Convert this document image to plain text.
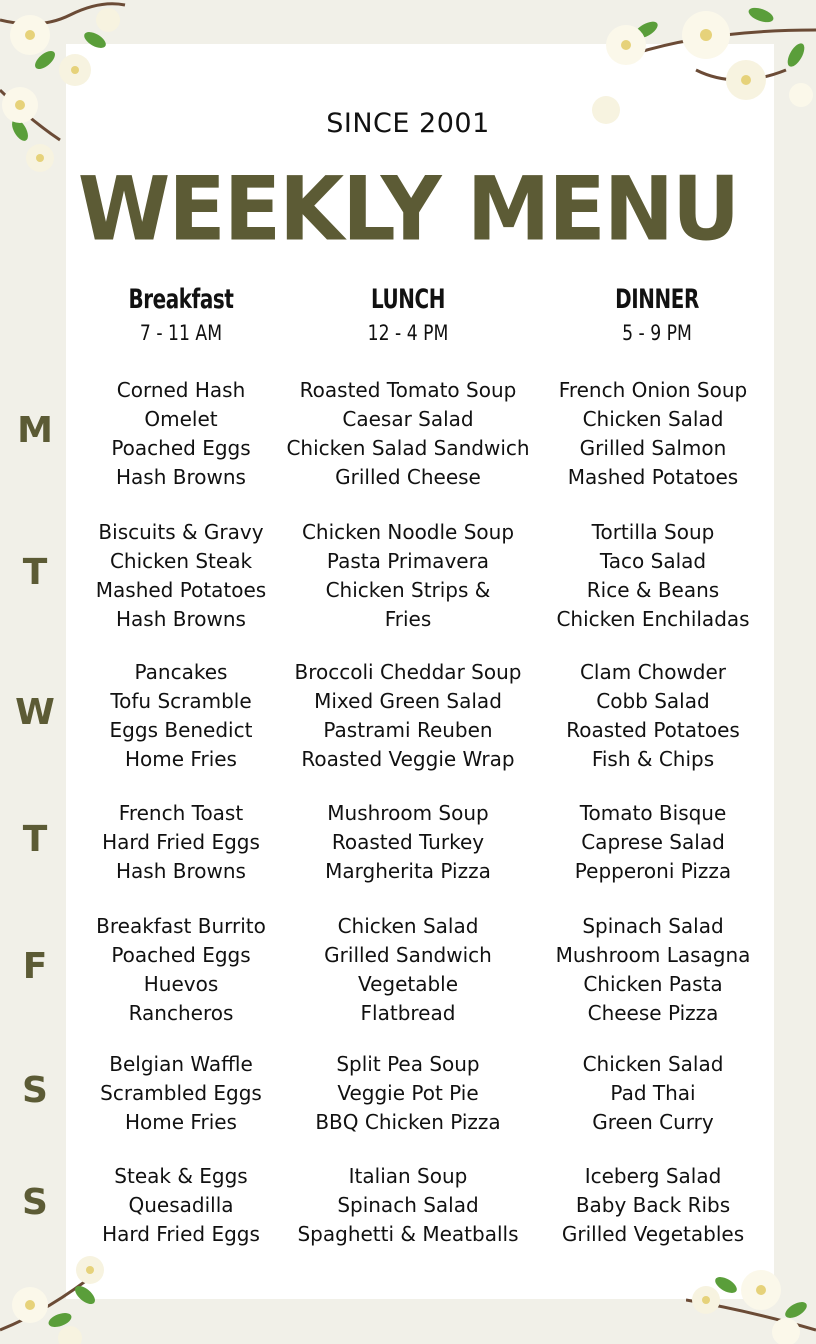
SINCE 2001
WEEKLY MENU
Breakfast
7 - 11 AM
LUNCH
12 - 4 PM
DINNER
5 - 9 PM
M
Corned Hash
Omelet
Poached Eggs
Hash Browns
Roasted Tomato Soup
Caesar Salad
Chicken Salad Sandwich
Grilled Cheese
French Onion Soup
Chicken Salad
Grilled Salmon
Mashed Potatoes
T
Biscuits & Gravy
Chicken Steak
Mashed Potatoes
Hash Browns
Chicken Noodle Soup
Pasta Primavera
Chicken Strips &
Fries
Tortilla Soup
Taco Salad
Rice & Beans
Chicken Enchiladas
W
Pancakes
Tofu Scramble
Eggs Benedict
Home Fries
Broccoli Cheddar Soup
Mixed Green Salad
Pastrami Reuben
Roasted Veggie Wrap
Clam Chowder
Cobb Salad
Roasted Potatoes
Fish & Chips
T
French Toast
Hard Fried Eggs
Hash Browns
Mushroom Soup
Roasted Turkey
Margherita Pizza
Tomato Bisque
Caprese Salad
Pepperoni Pizza
F
Breakfast Burrito
Poached Eggs
Huevos
Rancheros
Chicken Salad
Grilled Sandwich
Vegetable
Flatbread
Spinach Salad
Mushroom Lasagna
Chicken Pasta
Cheese Pizza
S
Belgian Waffle
Scrambled Eggs
Home Fries
Split Pea Soup
Veggie Pot Pie
BBQ Chicken Pizza
Chicken Salad
Pad Thai
Green Curry
S
Steak & Eggs
Quesadilla
Hard Fried Eggs
Italian Soup
Spinach Salad
Spaghetti & Meatballs
Iceberg Salad
Baby Back Ribs
Grilled Vegetables
